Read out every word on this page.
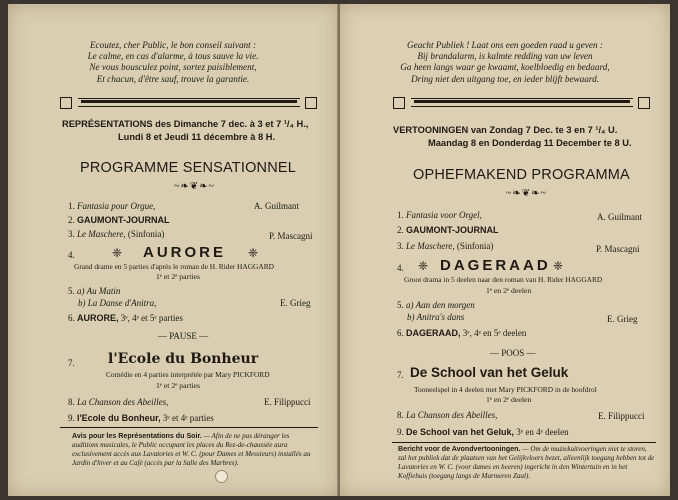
Ecoutez, cher Public, le bon conseil suivant :
Le calme, en cas d'alarme, à tous sauve la vie.
Ne vous bousculez point, sortez paisiblement,
Et chacun, d'être sauf, trouve la garantie.
REPRÉSENTATIONS des Dimanche 7 dec. à 3 et 7 ¹/₄ H.,
Lundi 8 et Jeudi 11 décembre à 8 H.
PROGRAMME SENSATIONNEL
~❧❦❧~
1. Fantasia pour Orgue,	A. Guilmant
2. GAUMONT-JOURNAL
3. Le Maschere, (Sinfonia)	P. Mascagni
4.	❈ AURORE ❈
Grand drame en 5 parties d'après le roman de H. Rider HAGGARD
1ᵉ et 2ᵉ parties
5. a) Au Matin
b) La Danse d'Anitra,	E. Grieg
6. AURORE, 3ᵉ, 4ᵉ et 5ᵉ parties
— PAUSE —
7. l'Ecole du Bonheur
Comédie en 4 parties interprétée par Mary PICKFORD
1ᵉ et 2ᵉ parties
8. La Chanson des Abeilles,	E. Filippucci
9. l'Ecole du Bonheur, 3ᵉ et 4ᵉ parties
Avis pour les Représentations du Soir. — Afin de ne pas déranger les auditions musicales, le Public occupant les places du Rez-de-chaussée aura exclusivement accès aux Lavatories et W. C. (pour Dames et Messieurs) installés au Jardin d'hiver et au Café (accès par la Salle des Marbres).
Geacht Publiek ! Laat ons een goeden raad u geven :
Bij brandalarm, is kalmte redding van uw leven
Ga heen langs waar ge kwaamt, koelbloedig en bedaard,
Dring niet den uitgang toe, en ieder blijft bewaard.
VERTOONINGEN van Zondag 7 Dec. te 3 en 7 ¹/₄ U.
Maandag 8 en Donderdag 11 December te 8 U.
OPHEFMAKEND PROGRAMMA
~❧❦❧~
1. Fantasia voor Orgel,	A. Guilmant
2. GAUMONT-JOURNAL
3. Le Maschere, (Sinfonia)	P. Mascagni
4. ❈ DAGERAAD ❈
Groot drama in 5 deelen naar den roman van H. Rider HAGGARD
1ᵉ en 2ᵉ deelen
5. a) Aan den morgen
b) Anitra's dans	E. Grieg
6. DAGERAAD, 3ᵉ, 4ᵉ en 5ᵉ deelen
— POOS —
7. De School van het Geluk
Tooneelspel in 4 deelen met Mary PICKFORD in de hoofdrol
1ᵉ en 2ᵉ deelen
8. La Chanson des Abeilles,	E. Filippucci
9. De School van het Geluk, 3ᵉ en 4ᵉ deelen
Bericht voor de Avondvertooningen. — Om de muziekuitvoeringen niet te storen, zal het publiek dat de plaatsen van het Gelijkvloers bezet, alleenlijk toegang hebben tot de Lavatories en W. C. (voor dames en heeren) ingericht in den Wintertuin en in het Koffiehuis (toegang langs de Marmeren Zaal).
